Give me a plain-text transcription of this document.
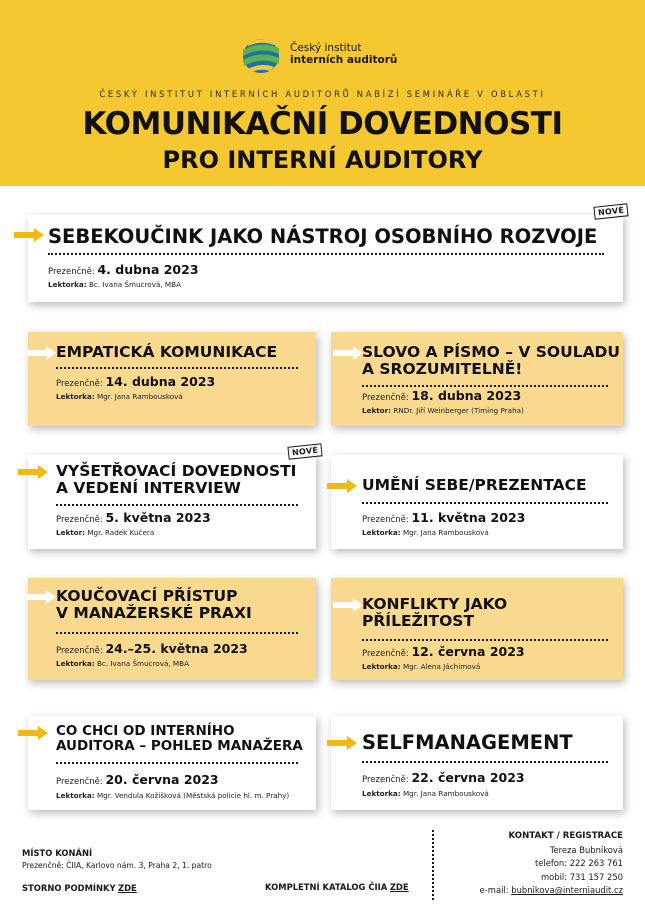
Český institut
interních auditorů
ČESKÝ INSTITUT INTERNÍCH AUDITORŮ NABÍZÍ SEMINÁŘE V OBLASTI
KOMUNIKAČNÍ DOVEDNOSTI
PRO INTERNÍ AUDITORY
SEBEKOUČINK JAKO NÁSTROJ OSOBNÍHO ROZVOJE
Prezenčně: 4. dubna 2023
Lektorka: Bc. Ivana Šmucrová, MBA
NOVÉ
EMPATICKÁ KOMUNIKACE
Prezenčně: 14. dubna 2023
Lektorka: Mgr. Jana Rambousková
SLOVO A PÍSMO – V SOULADU
A SROZUMITELNĚ!
Prezenčně: 18. dubna 2023
Lektor: RNDr. Jiří Weinberger (Timing Praha)
VYŠETŘOVACÍ DOVEDNOSTI
A VEDENÍ INTERVIEW
Prezenčně: 5. května 2023
Lektor: Mgr. Radek Kučera
NOVÉ
UMĚNÍ SEBE/PREZENTACE
Prezenčně: 11. května 2023
Lektorka: Mgr. Jana Rambousková
KOUČOVACÍ PŘÍSTUP
V MANAŽERSKÉ PRAXI
Prezenčně: 24.–25. května 2023
Lektorka: Bc. Ivana Šmucrová, MBA
KONFLIKTY JAKO
PŘÍLEŽITOST
Prezenčně: 12. června 2023
Lektorka: Mgr. Alena Jáchimová
CO CHCI OD INTERNÍHO
AUDITORA – POHLED MANAŽERA
Prezenčně: 20. června 2023
Lektorka: Mgr. Vendula Kožíšková (Městská policie hl. m. Prahy)
SELFMANAGEMENT
Prezenčně: 22. června 2023
Lektorka: Mgr. Jana Rambousková
MÍSTO KONÁNÍ
Prezenčně: ČIIA, Karlovo nám. 3, Praha 2, 1. patro
STORNO PODMÍNKY ZDE	KOMPLETNÍ KATALOG ČIIA ZDE
KONTAKT / REGISTRACE
Tereza Bubníková
telefon: 222 263 761
mobil: 731 157 250
e-mail: bubnikova@interniaudit.cz
